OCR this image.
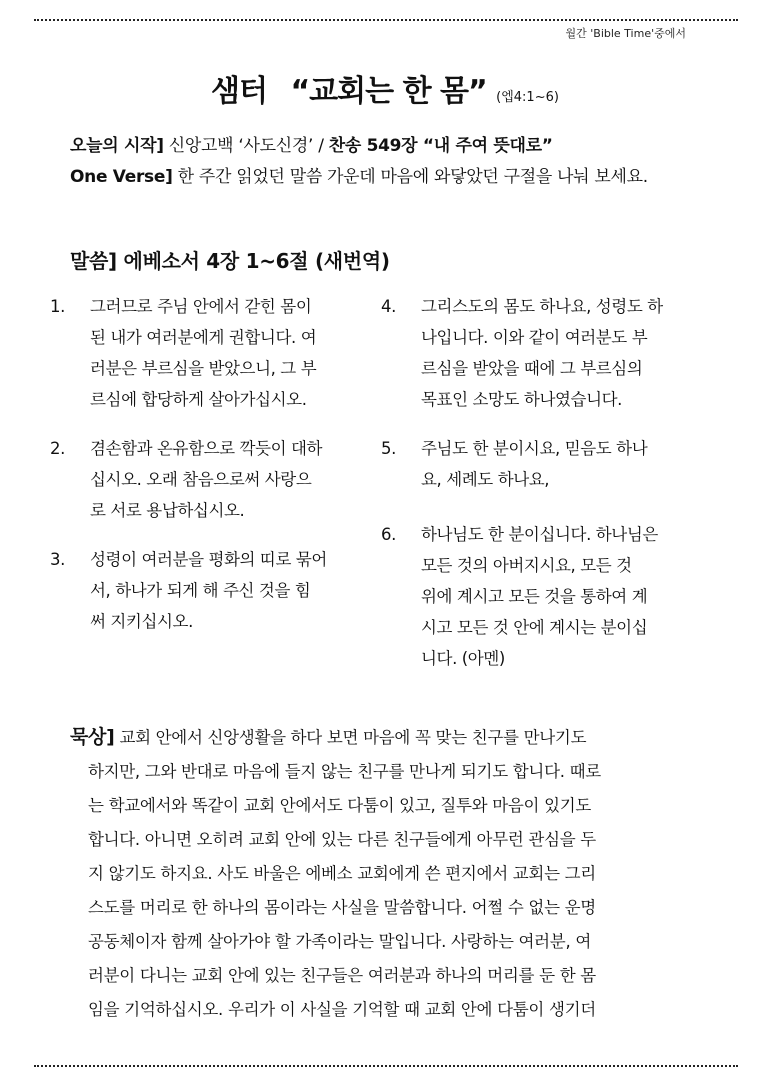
월간 'Bible Time'중에서
샘터 “교회는 한 몸” (엡4:1~6)
오늘의 시작] 신앙고백 ‘사도신경’ / 찬송 549장 “내 주여 뜻대로”
One Verse] 한 주간 읽었던 말씀 가운데 마음에 와닿았던 구절을 나눠 보세요.
말씀] 에베소서 4장 1~6절 (새번역)
1. 그러므로 주님 안에서 갇힌 몸이
된 내가 여러분에게 권합니다. 여
러분은 부르심을 받았으니, 그 부
르심에 합당하게 살아가십시오.
2. 겸손함과 온유함으로 깍듯이 대하
십시오. 오래 참음으로써 사랑으
로 서로 용납하십시오.
3. 성령이 여러분을 평화의 띠로 묶어
서, 하나가 되게 해 주신 것을 힘
써 지키십시오.
4. 그리스도의 몸도 하나요, 성령도 하
나입니다. 이와 같이 여러분도 부
르심을 받았을 때에 그 부르심의
목표인 소망도 하나였습니다.
5. 주님도 한 분이시요, 믿음도 하나
요, 세례도 하나요,
6. 하나님도 한 분이십니다. 하나님은
모든 것의 아버지시요, 모든 것
위에 계시고 모든 것을 통하여 계
시고 모든 것 안에 계시는 분이십
니다. (아멘)
묵상] 교회 안에서 신앙생활을 하다 보면 마음에 꼭 맞는 친구를 만나기도
하지만, 그와 반대로 마음에 들지 않는 친구를 만나게 되기도 합니다. 때로
는 학교에서와 똑같이 교회 안에서도 다툼이 있고, 질투와 마음이 있기도
합니다. 아니면 오히려 교회 안에 있는 다른 친구들에게 아무런 관심을 두
지 않기도 하지요. 사도 바울은 에베소 교회에게 쓴 편지에서 교회는 그리
스도를 머리로 한 하나의 몸이라는 사실을 말씀합니다. 어쩔 수 없는 운명
공동체이자 함께 살아가야 할 가족이라는 말입니다. 사랑하는 여러분, 여
러분이 다니는 교회 안에 있는 친구들은 여러분과 하나의 머리를 둔 한 몸
임을 기억하십시오. 우리가 이 사실을 기억할 때 교회 안에 다툼이 생기더
